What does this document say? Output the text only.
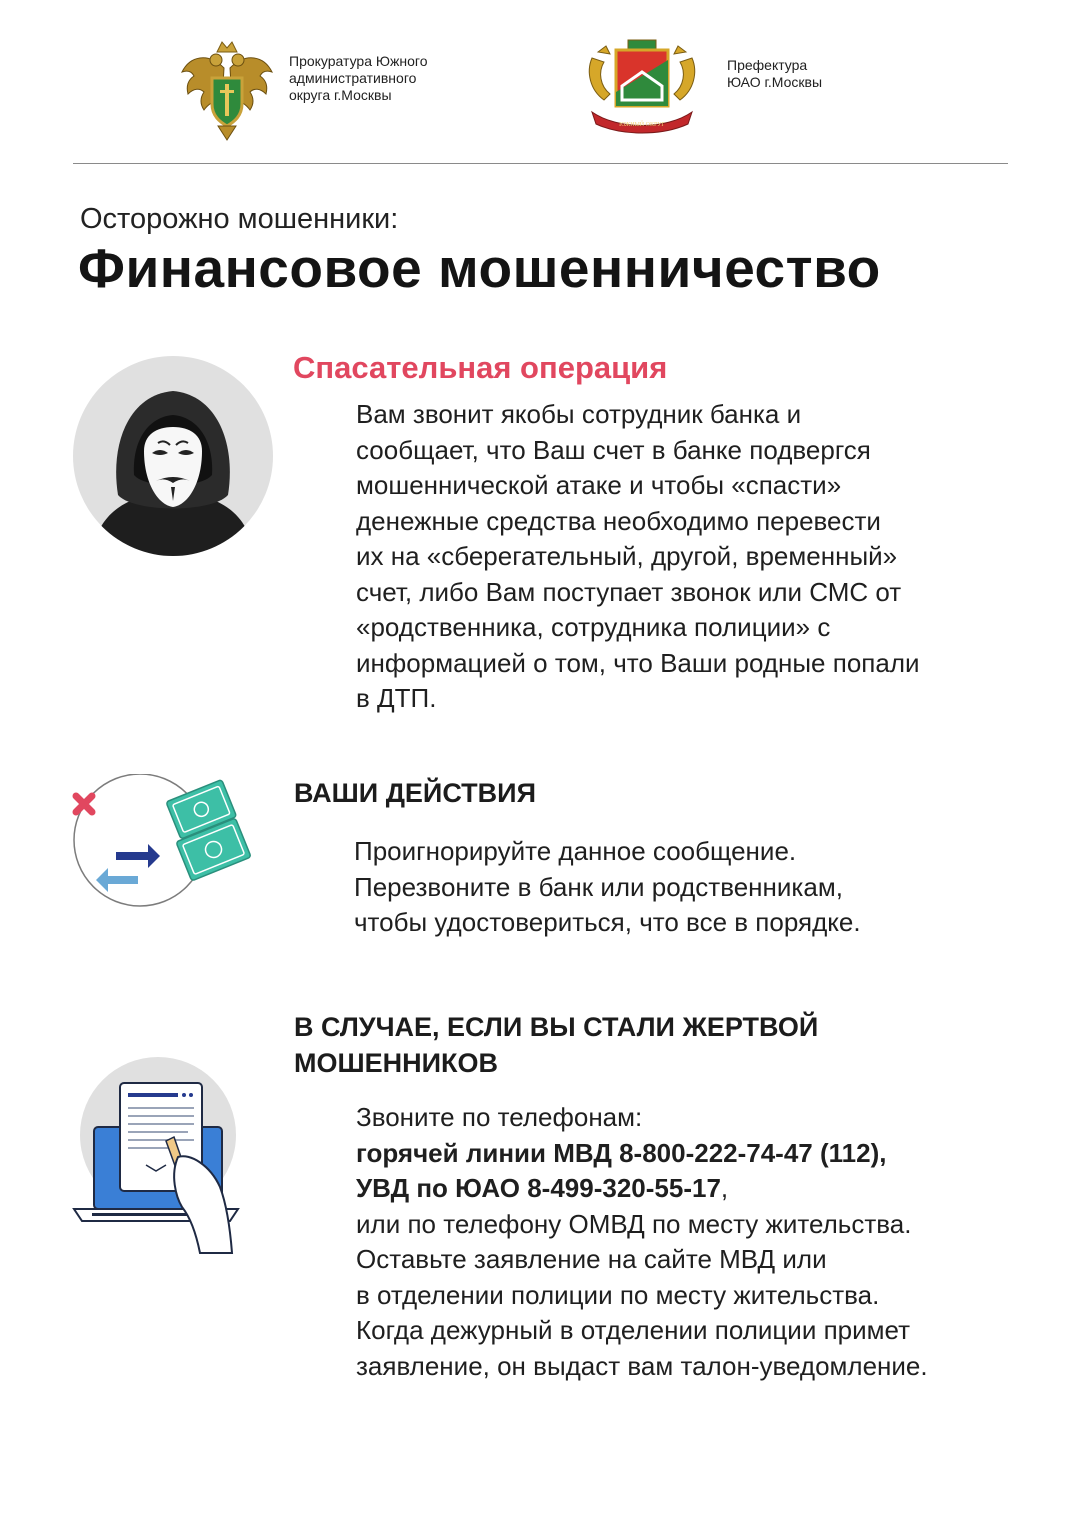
Прокуратура Южного
административного
округа г.Москвы
ЮЖНЫЙ ОКРУГ
Префектура
ЮАО г.Москвы
Осторожно мошенники:
Финансовое мошенничество
Спасательная операция
Вам звонит якобы сотрудник банка и
сообщает, что Ваш счет в банке подвергся
мошеннической атаке и чтобы «спасти»
денежные средства необходимо перевести
их на «сберегательный, другой, временный»
счет, либо Вам поступает звонок или СМС от
«родственника, сотрудника полиции» с
информацией о том, что Ваши родные попали
в ДТП.
ВАШИ ДЕЙСТВИЯ
Проигнорируйте данное сообщение.
Перезвоните в банк или родственникам,
чтобы удостовериться, что все в порядке.
В СЛУЧАЕ, ЕСЛИ ВЫ СТАЛИ ЖЕРТВОЙ
МОШЕННИКОВ
Звоните по телефонам:
горячей линии МВД 8-800-222-74-47 (112),
УВД по ЮАО 8-499-320-55-17,
или по телефону ОМВД по месту жительства.
Оставьте заявление на сайте МВД или
в отделении полиции по месту жительства.
Когда дежурный в отделении полиции примет
заявление, он выдаст вам талон-уведомление.
